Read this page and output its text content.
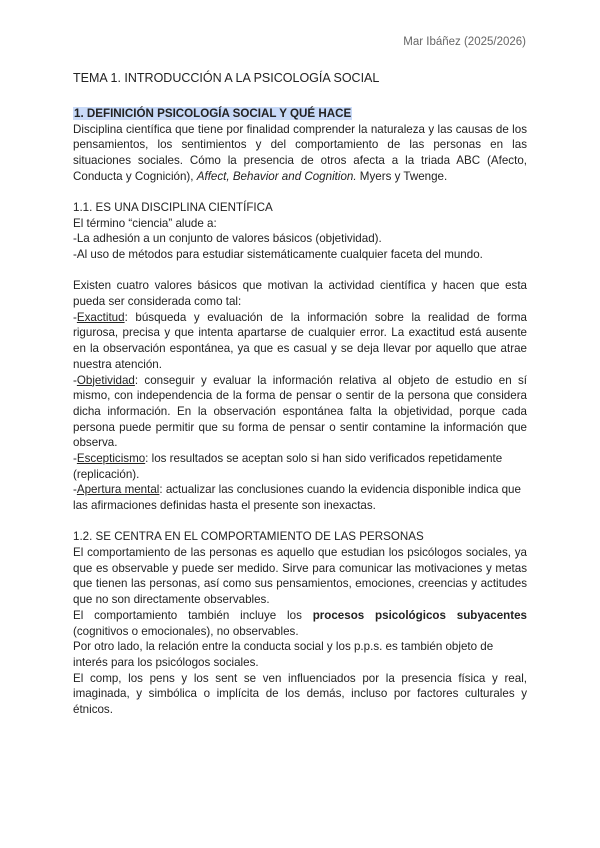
Mar Ibáñez (2025/2026)
TEMA 1. INTRODUCCIÓN A LA PSICOLOGÍA SOCIAL

1. DEFINICIÓN PSICOLOGÍA SOCIAL Y QUÉ HACE

Disciplina científica que tiene por finalidad comprender la naturaleza y las causas de los pensamientos, los sentimientos y del comportamiento de las personas en las situaciones sociales. Cómo la presencia de otros afecta a la triada ABC (Afecto, Conducta y Cognición), Affect, Behavior and Cognition. Myers y Twenge.

1.1. ES UNA DISCIPLINA CIENTÍFICA

El término “ciencia” alude a:

-La adhesión a un conjunto de valores básicos (objetividad).

-Al uso de métodos para estudiar sistemáticamente cualquier faceta del mundo.

Existen cuatro valores básicos que motivan la actividad científica y hacen que esta pueda ser considerada como tal:

-Exactitud: búsqueda y evaluación de la información sobre la realidad de forma rigurosa, precisa y que intenta apartarse de cualquier error. La exactitud está ausente en la observación espontánea, ya que es casual y se deja llevar por aquello que atrae nuestra atención.

-Objetividad: conseguir y evaluar la información relativa al objeto de estudio en sí mismo, con independencia de la forma de pensar o sentir de la persona que considera dicha información. En la observación espontánea falta la objetividad, porque cada persona puede permitir que su forma de pensar o sentir contamine la información que observa.

-Escepticismo: los resultados se aceptan solo si han sido verificados repetidamente (replicación).

-Apertura mental: actualizar las conclusiones cuando la evidencia disponible indica que las afirmaciones definidas hasta el presente son inexactas.

1.2. SE CENTRA EN EL COMPORTAMIENTO DE LAS PERSONAS

El comportamiento de las personas es aquello que estudian los psicólogos sociales, ya que es observable y puede ser medido. Sirve para comunicar las motivaciones y metas que tienen las personas, así como sus pensamientos, emociones, creencias y actitudes que no son directamente observables.

El comportamiento también incluye los procesos psicológicos subyacentes (cognitivos o emocionales), no observables.

Por otro lado, la relación entre la conducta social y los p.p.s. es también objeto de interés para los psicólogos sociales.

El comp, los pens y los sent se ven influenciados por la presencia física y real, imaginada, y simbólica o implícita de los demás, incluso por factores culturales y étnicos.
